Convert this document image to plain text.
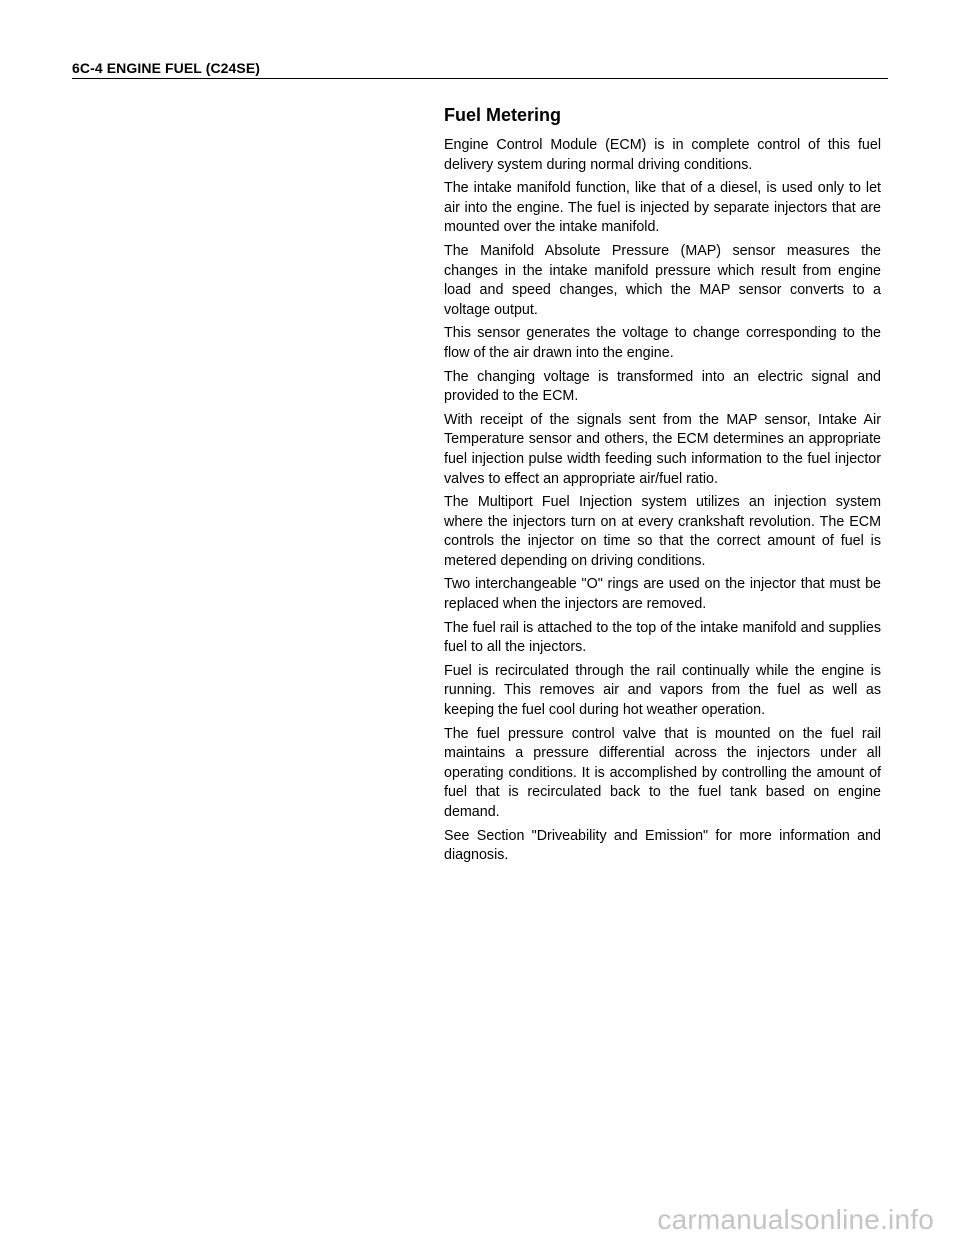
6C-4 ENGINE FUEL (C24SE)
Fuel Metering

Engine Control Module (ECM) is in complete control of this fuel delivery system during normal driving conditions.

The intake manifold function, like that of a diesel, is used only to let air into the engine. The fuel is injected by separate injectors that are mounted over the intake manifold.

The Manifold Absolute Pressure (MAP) sensor measures the changes in the intake manifold pressure which result from engine load and speed changes, which the MAP sensor converts to a voltage output.

This sensor generates the voltage to change corresponding to the flow of the air drawn into the engine.

The changing voltage is transformed into an electric signal and provided to the ECM.

With receipt of the signals sent from the MAP sensor, Intake Air Temperature sensor and others, the ECM determines an appropriate fuel injection pulse width feeding such information to the fuel injector valves to effect an appropriate air/fuel ratio.

The Multiport Fuel Injection system utilizes an injection system where the injectors turn on at every crankshaft revolution. The ECM controls the injector on time so that the correct amount of fuel is metered depending on driving conditions.

Two interchangeable "O" rings are used on the injector that must be replaced when the injectors are removed.

The fuel rail is attached to the top of the intake manifold and supplies fuel to all the injectors.

Fuel is recirculated through the rail continually while the engine is running. This removes air and vapors from the fuel as well as keeping the fuel cool during hot weather operation.

The fuel pressure control valve that is mounted on the fuel rail maintains a pressure differential across the injectors under all operating conditions. It is accomplished by controlling the amount of fuel that is recirculated back to the fuel tank based on engine demand.

See Section "Driveability and Emission" for more information and diagnosis.

carmanualsonline.info
